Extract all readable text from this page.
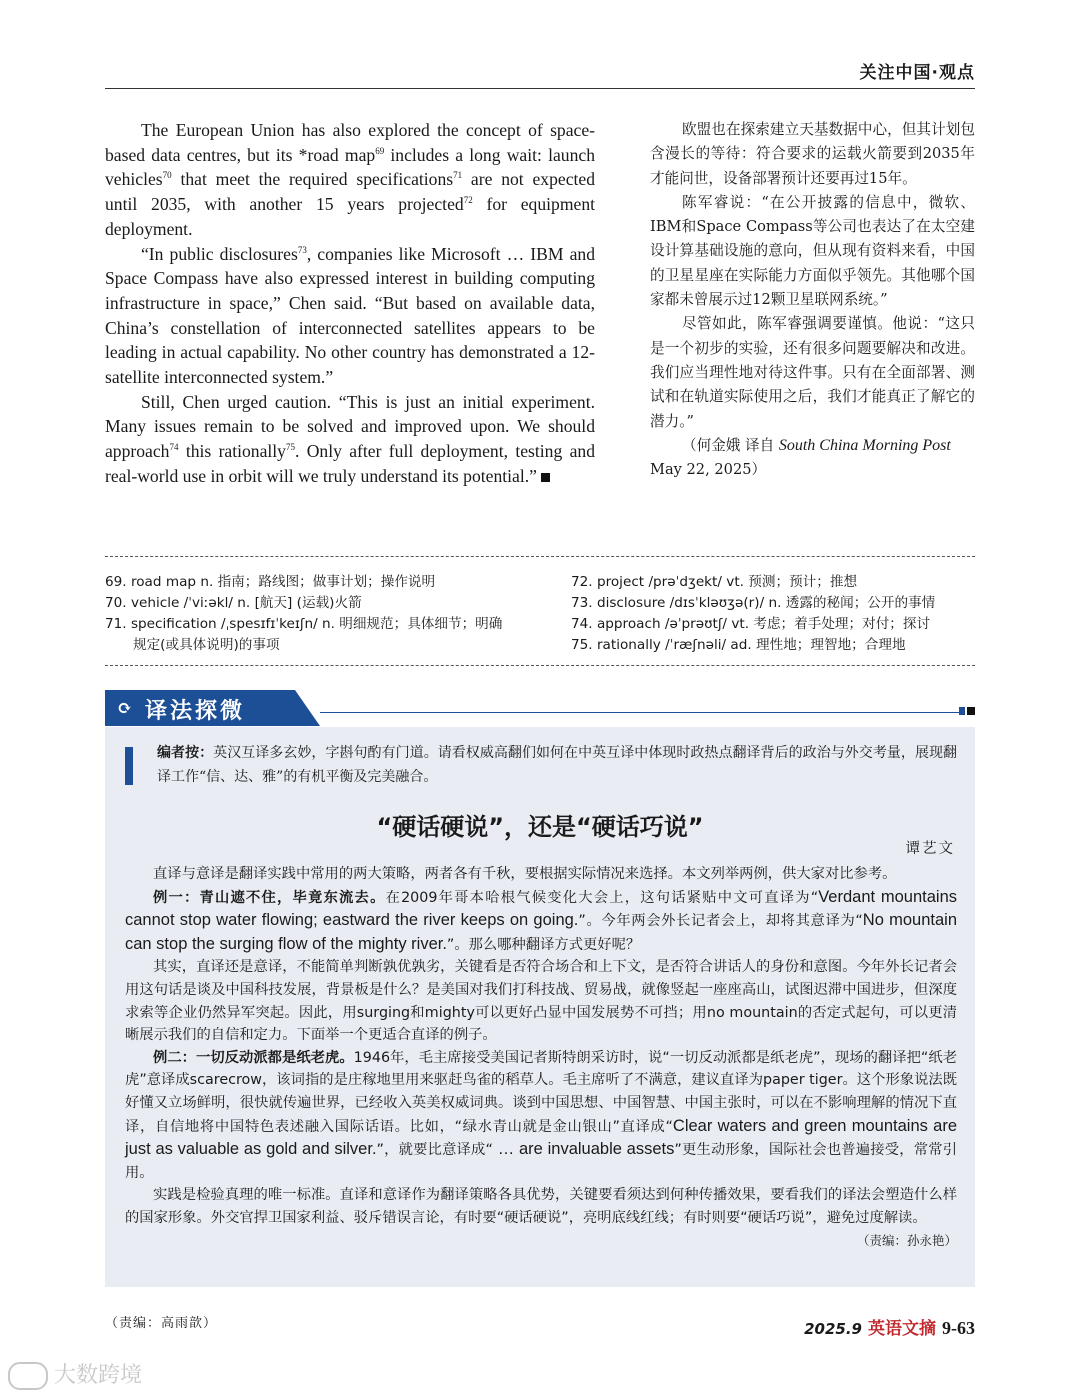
关注中国·观点

The European Union has also explored the concept of space-based data centres, but its *road map$^{69}$ includes a long wait: launch vehicles$^{70}$ that meet the required specifications$^{71}$ are not expected until 2035, with another 15 years projected$^{72}$ for equipment deployment.

“In public disclosures$^{73}$, companies like Microsoft … IBM and Space Compass have also expressed interest in building computing infrastructure in space,” Chen said. “But based on available data, China’s constellation of interconnected satellites appears to be leading in actual capability. No other country has demonstrated a 12-satellite interconnected system.”

Still, Chen urged caution. “This is just an initial experiment. Many issues remain to be solved and improved upon. We should approach$^{74}$ this rationally$^{75}$. Only after full deployment, testing and real-world use in orbit will we truly understand its potential.”

欧盟也在探索建立天基数据中心，但其计划包含漫长的等待：符合要求的运载火箭要到2035年才能问世，设备部署预计还要再过15年。

陈军睿说：“在公开披露的信息中，微软、IBM和Space Compass等公司也表达了在太空建设计算基础设施的意向，但从现有资料来看，中国的卫星星座在实际能力方面似乎领先。其他哪个国家都未曾展示过12颗卫星联网系统。”

尽管如此，陈军睿强调要谨慎。他说：“这只是一个初步的实验，还有很多问题要解决和改进。我们应当理性地对待这件事。只有在全面部署、测试和在轨道实际使用之后，我们才能真正了解它的潜力。”

（何金娥 译自 South China Morning Post

May 22, 2025）
69. road map n. 指南；路线图；做事计划；操作说明
70. vehicle /ˈviːəkl/ n. [航天] (运载)火箭
71. specification /ˌspesɪfɪˈkeɪʃn/ n. 明细规范；具体细节；明确
规定(或具体说明)的事项
72. project /prəˈdʒekt/ vt. 预测；预计；推想
73. disclosure /dɪsˈkləʊʒə(r)/ n. 透露的秘闻；公开的事情
74. approach /əˈprəʊtʃ/ vt. 考虑；着手处理；对付；探讨
75. rationally /ˈræʃnəli/ ad. 理性地；理智地；合理地
⟳ 译法探微
编者按：英汉互译多玄妙，字斟句酌有门道。请看权威高翻们如何在中英互译中体现时政热点翻译背后的政治与外交考量，展现翻译工作“信、达、雅”的有机平衡及完美融合。
“硬话硬说”，还是“硬话巧说”
谭艺文

直译与意译是翻译实践中常用的两大策略，两者各有千秋，要根据实际情况来选择。本文列举两例，供大家对比参考。

例一：青山遮不住，毕竟东流去。在2009年哥本哈根气候变化大会上，这句话紧贴中文可直译为“Verdant mountains cannot stop water flowing; eastward the river keeps on going.”。今年两会外长记者会上，却将其意译为“No mountain can stop the surging flow of the mighty river.”。那么哪种翻译方式更好呢？

其实，直译还是意译，不能简单判断孰优孰劣，关键看是否符合场合和上下文，是否符合讲话人的身份和意图。今年外长记者会用这句话是谈及中国科技发展，背景板是什么？是美国对我们打科技战、贸易战，就像竖起一座座高山，试图迟滞中国进步，但深度求索等企业仍然异军突起。因此，用surging和mighty可以更好凸显中国发展势不可挡；用no mountain的否定式起句，可以更清晰展示我们的自信和定力。下面举一个更适合直译的例子。

例二：一切反动派都是纸老虎。1946年，毛主席接受美国记者斯特朗采访时，说“一切反动派都是纸老虎”，现场的翻译把“纸老虎”意译成scarecrow，该词指的是庄稼地里用来驱赶鸟雀的稻草人。毛主席听了不满意，建议直译为paper tiger。这个形象说法既好懂又立场鲜明，很快就传遍世界，已经收入英美权威词典。谈到中国思想、中国智慧、中国主张时，可以在不影响理解的情况下直译，自信地将中国特色表述融入国际话语。比如，“绿水青山就是金山银山”直译成“Clear waters and green mountains are just as valuable as gold and silver.”，就要比意译成“ … are invaluable assets”更生动形象，国际社会也普遍接受，常常引用。

实践是检验真理的唯一标准。直译和意译作为翻译策略各具优势，关键要看须达到何种传播效果，要看我们的译法会塑造什么样的国家形象。外交官捍卫国家利益、驳斥错误言论，有时要“硬话硬说”，亮明底线红线；有时则要“硬话巧说”，避免过度解读。
（责编：孙永艳）

（责编：高雨歆）	2025.9 英语文摘 9-63
大数跨境
